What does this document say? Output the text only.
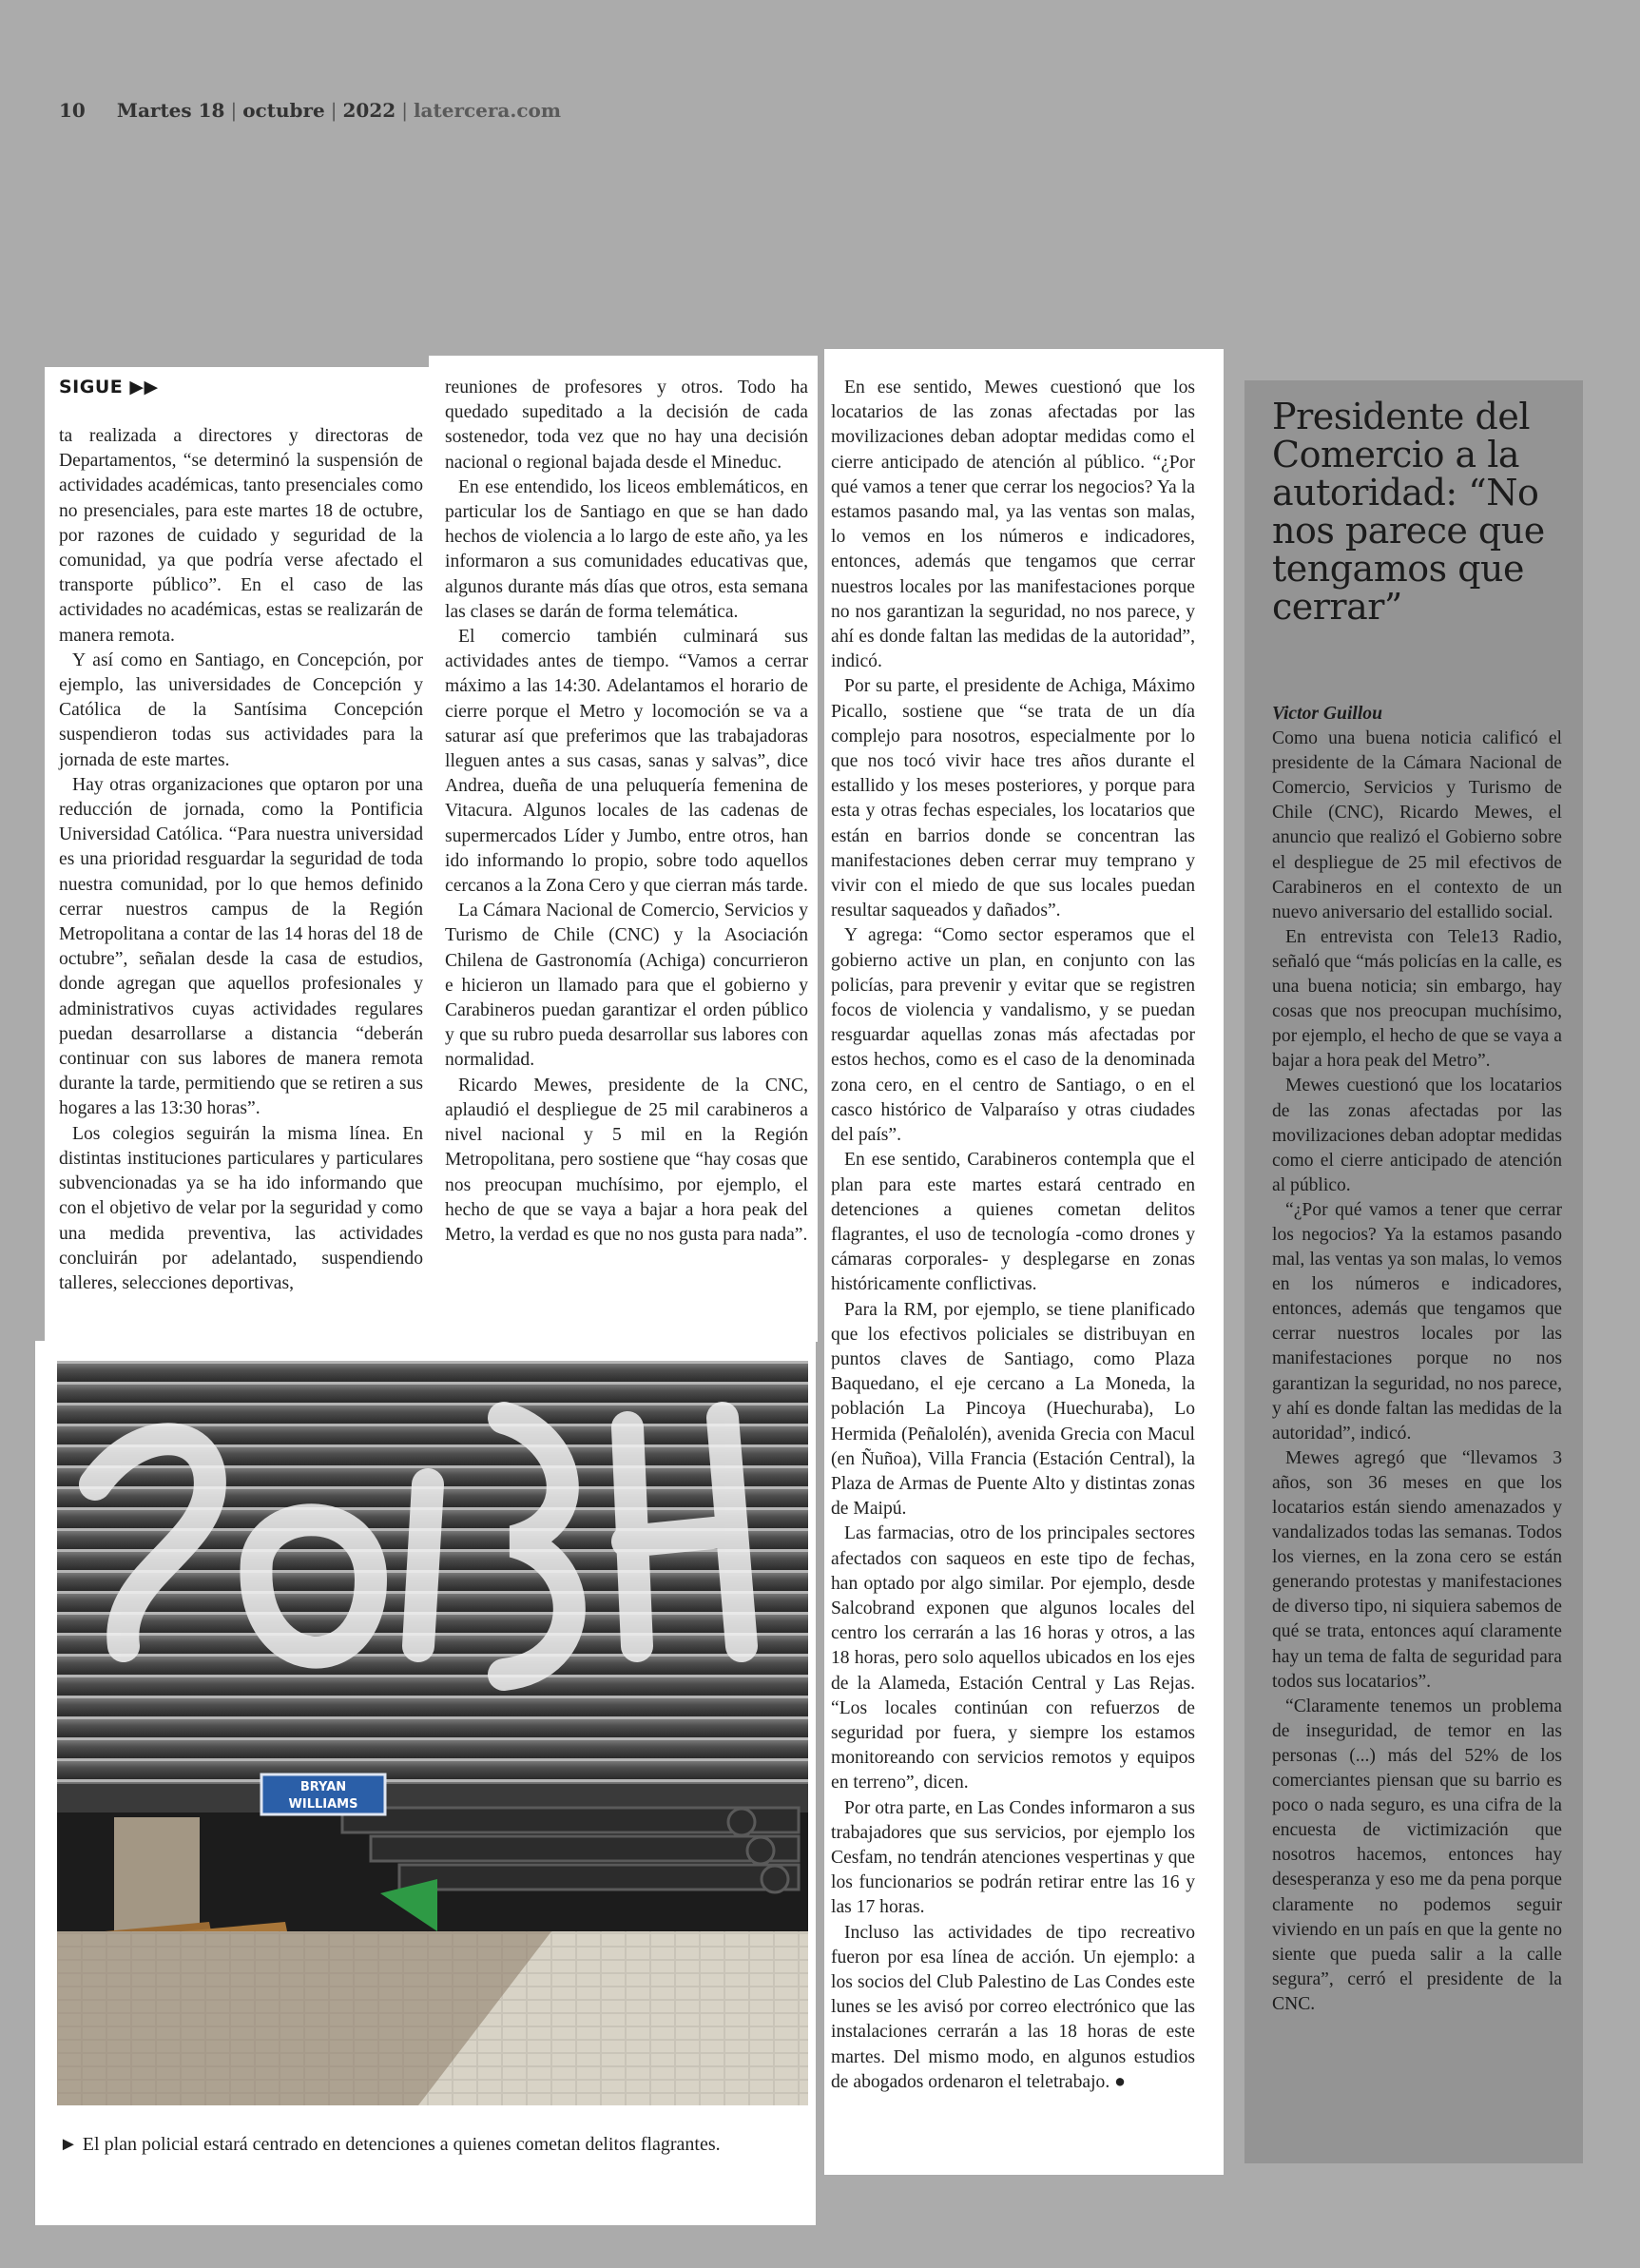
10 Martes 18 | octubre | 2022 | latercera.com
SIGUE ▶▶

ta realizada a directores y directoras de Departamentos, “se determinó la suspensión de actividades académicas, tanto presenciales como no presenciales, para este martes 18 de octubre, por razones de cuidado y seguridad de la comunidad, ya que podría verse afectado el transporte público”. En el caso de las actividades no académicas, estas se realizarán de manera remota.

Y así como en Santiago, en Concepción, por ejemplo, las universidades de Concepción y Católica de la Santísima Concepción suspendieron todas sus actividades para la jornada de este martes.

Hay otras organizaciones que optaron por una reducción de jornada, como la Pontificia Universidad Católica. “Para nuestra universidad es una prioridad resguardar la seguridad de toda nuestra comunidad, por lo que hemos definido cerrar nuestros campus de la Región Metropolitana a contar de las 14 horas del 18 de octubre”, señalan desde la casa de estudios, donde agregan que aquellos profesionales y administrativos cuyas actividades regulares puedan desarrollarse a distancia “deberán continuar con sus labores de manera remota durante la tarde, permitiendo que se retiren a sus hogares a las 13:30 horas”.

Los colegios seguirán la misma línea. En distintas instituciones particulares y particulares subvencionadas ya se ha ido informando que con el objetivo de velar por la seguridad y como una medida preventiva, las actividades concluirán por adelantado, suspendiendo talleres, selecciones deportivas,

reuniones de profesores y otros. Todo ha quedado supeditado a la decisión de cada sostenedor, toda vez que no hay una decisión nacional o regional bajada desde el Mineduc.

En ese entendido, los liceos emblemáticos, en particular los de Santiago en que se han dado hechos de violencia a lo largo de este año, ya les informaron a sus comunidades educativas que, algunos durante más días que otros, esta semana las clases se darán de forma telemática.

El comercio también culminará sus actividades antes de tiempo. “Vamos a cerrar máximo a las 14:30. Adelantamos el horario de cierre porque el Metro y locomoción se va a saturar así que preferimos que las trabajadoras lleguen antes a sus casas, sanas y salvas”, dice Andrea, dueña de una peluquería femenina de Vitacura. Algunos locales de las cadenas de supermercados Líder y Jumbo, entre otros, han ido informando lo propio, sobre todo aquellos cercanos a la Zona Cero y que cierran más tarde.

La Cámara Nacional de Comercio, Servicios y Turismo de Chile (CNC) y la Asociación Chilena de Gastronomía (Achiga) concurrieron e hicieron un llamado para que el gobierno y Carabineros puedan garantizar el orden público y que su rubro pueda desarrollar sus labores con normalidad.

Ricardo Mewes, presidente de la CNC, aplaudió el despliegue de 25 mil carabineros a nivel nacional y 5 mil en la Región Metropolitana, pero sostiene que “hay cosas que nos preocupan muchísimo, por ejemplo, el hecho de que se vaya a bajar a hora peak del Metro, la verdad es que no nos gusta para nada”.

En ese sentido, Mewes cuestionó que los locatarios de las zonas afectadas por las movilizaciones deban adoptar medidas como el cierre anticipado de atención al público. “¿Por qué vamos a tener que cerrar los negocios? Ya la estamos pasando mal, ya las ventas son malas, lo vemos en los números e indicadores, entonces, además que tengamos que cerrar nuestros locales por las manifestaciones porque no nos garantizan la seguridad, no nos parece, y ahí es donde faltan las medidas de la autoridad”, indicó.

Por su parte, el presidente de Achiga, Máximo Picallo, sostiene que “se trata de un día complejo para nosotros, especialmente por lo que nos tocó vivir hace tres años durante el estallido y los meses posteriores, y porque para esta y otras fechas especiales, los locatarios que están en barrios donde se concentran las manifestaciones deben cerrar muy temprano y vivir con el miedo de que sus locales puedan resultar saqueados y dañados”.

Y agrega: “Como sector esperamos que el gobierno active un plan, en conjunto con las policías, para prevenir y evitar que se registren focos de violencia y vandalismo, y se puedan resguardar aquellas zonas más afectadas por estos hechos, como es el caso de la denominada zona cero, en el centro de Santiago, o en el casco histórico de Valparaíso y otras ciudades del país”.

En ese sentido, Carabineros contempla que el plan para este martes estará centrado en detenciones a quienes cometan delitos flagrantes, el uso de tecnología -como drones y cámaras corporales- y desplegarse en zonas históricamente conflictivas.

Para la RM, por ejemplo, se tiene planificado que los efectivos policiales se distribuyan en puntos claves de Santiago, como Plaza Baquedano, el eje cercano a La Moneda, la población La Pincoya (Huechuraba), Lo Hermida (Peñalolén), avenida Grecia con Macul (en Ñuñoa), Villa Francia (Estación Central), la Plaza de Armas de Puente Alto y distintas zonas de Maipú.

Las farmacias, otro de los principales sectores afectados con saqueos en este tipo de fechas, han optado por algo similar. Por ejemplo, desde Salcobrand exponen que algunos locales del centro los cerrarán a las 16 horas y otros, a las 18 horas, pero solo aquellos ubicados en los ejes de la Alameda, Estación Central y Las Rejas. “Los locales continúan con refuerzos de seguridad por fuera, y siempre los estamos monitoreando con servicios remotos y equipos en terreno”, dicen.

Por otra parte, en Las Condes informaron a sus trabajadores que sus servicios, por ejemplo los Cesfam, no tendrán atenciones vespertinas y que los funcionarios se podrán retirar entre las 16 y las 17 horas.

Incluso las actividades de tipo recreativo fueron por esa línea de acción. Un ejemplo: a los socios del Club Palestino de Las Condes este lunes se les avisó por correo electrónico que las instalaciones cerrarán a las 18 horas de este martes. Del mismo modo, en algunos estudios de abogados ordenaron el teletrabajo. ●

BRYAN
WILLIAMS
► El plan policial estará centrado en detenciones a quienes cometan delitos flagrantes.
Presidente del Comercio a la autoridad: “No nos parece que tengamos que cerrar”

Victor Guillou

Como una buena noticia calificó el presidente de la Cámara Nacional de Comercio, Servicios y Turismo de Chile (CNC), Ricardo Mewes, el anuncio que realizó el Gobierno sobre el despliegue de 25 mil efectivos de Carabineros en el contexto de un nuevo aniversario del estallido social.

En entrevista con Tele13 Radio, señaló que “más policías en la calle, es una buena noticia; sin embargo, hay cosas que nos preocupan muchísimo, por ejemplo, el hecho de que se vaya a bajar a hora peak del Metro”.

Mewes cuestionó que los locatarios de las zonas afectadas por las movilizaciones deban adoptar medidas como el cierre anticipado de atención al público.

“¿Por qué vamos a tener que cerrar los negocios? Ya la estamos pasando mal, las ventas ya son malas, lo vemos en los números e indicadores, entonces, además que tengamos que cerrar nuestros locales por las manifestaciones porque no nos garantizan la seguridad, no nos parece, y ahí es donde faltan las medidas de la autoridad”, indicó.

Mewes agregó que “llevamos 3 años, son 36 meses en que los locatarios están siendo amenazados y vandalizados todas las semanas. Todos los viernes, en la zona cero se están generando protestas y manifestaciones de diverso tipo, ni siquiera sabemos de qué se trata, entonces aquí claramente hay un tema de falta de seguridad para todos sus locatarios”.

“Claramente tenemos un problema de inseguridad, de temor en las personas (...) más del 52% de los comerciantes piensan que su barrio es poco o nada seguro, es una cifra de la encuesta de victimización que nosotros hacemos, entonces hay desesperanza y eso me da pena porque claramente no podemos seguir viviendo en un país en que la gente no siente que pueda salir a la calle segura”, cerró el presidente de la CNC.
